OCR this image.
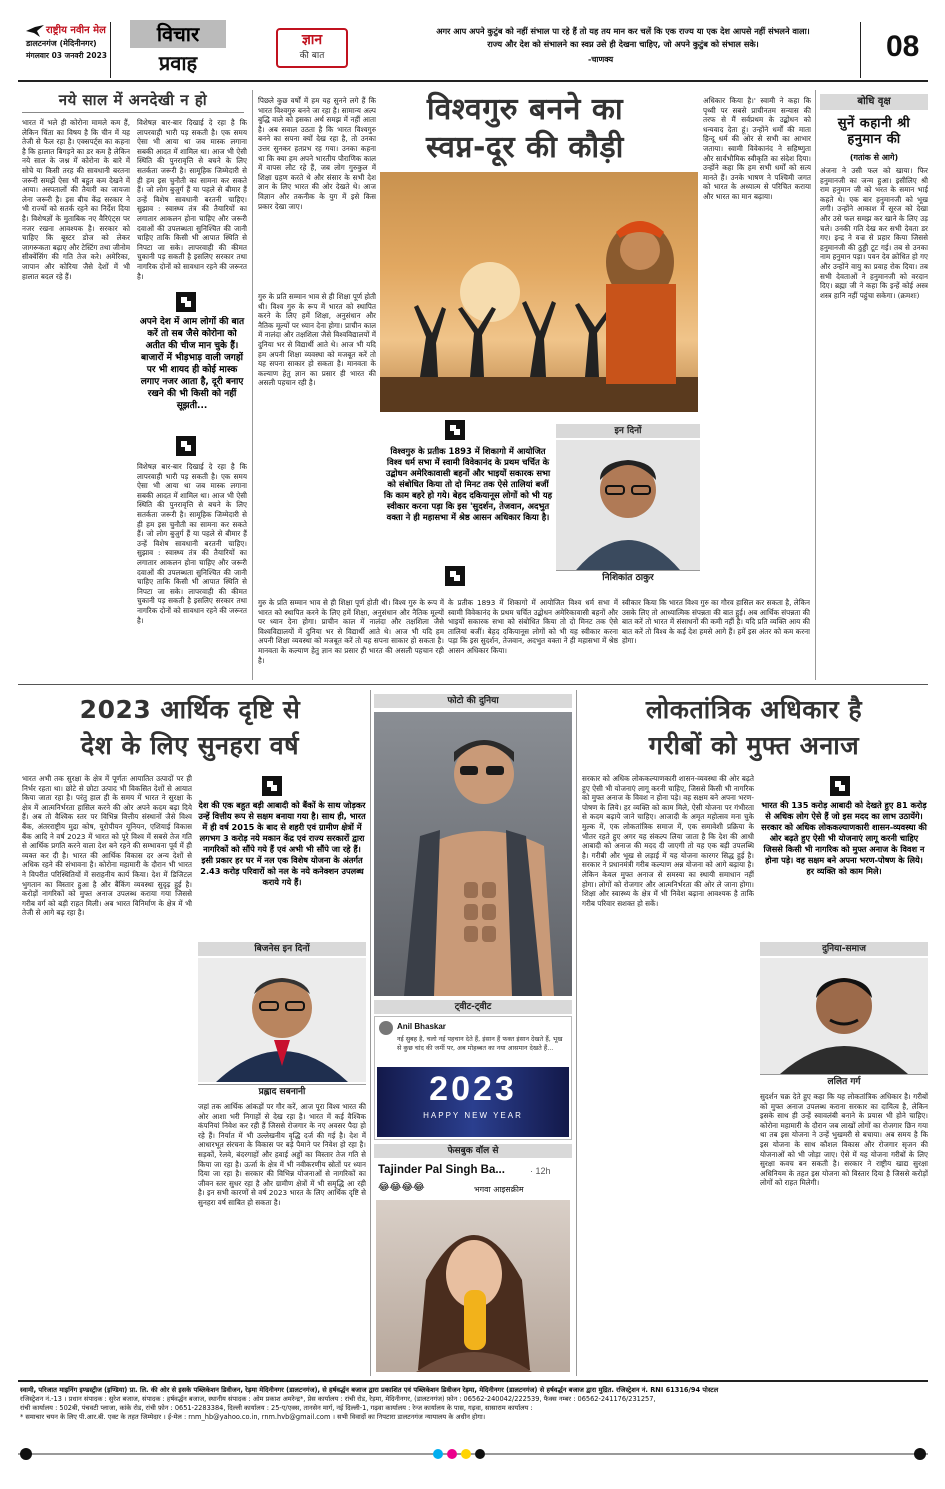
राष्ट्रीय नवीन मेल
डालटनगंज (मेदिनीनगर)
मंगलवार 03 जनवरी 2023
विचार
प्रवाह
ज्ञान
की बात
अगर आप अपने कुटुंब को नहीं संभाल पा रहे हैं तो यह तय मान कर चलें कि एक राज्य या एक देश आपसे नहीं संभलने वाला।
राज्य और देश को संभालने का स्वप्न उसे ही देखना चाहिए, जो अपने कुटुंब को संभाल सके।
-चाणक्य	08
नये साल में अनदेखी न हो
भारत में भले ही कोरोना मामले कम हैं, लेकिन चिंता का विषय है कि चीन में यह तेजी से फैल रहा है। एक्सपर्ट्स का कहना है कि हालात बिगड़ने का डर कम है लेकिन नये साल के जश्न में कोरोना के बारे में सोचे या किसी तरह की सावधानी बरतना जरूरी समझें ऐसा भी बहुत कम देखने में आया। अस्पतालों की तैयारी का जायजा लेना जरूरी है। इस बीच केंद्र सरकार ने भी राज्यों को सतर्क रहने का निर्देश दिया है। विशेषज्ञों के मुताबिक नए वैरिएंट्स पर नजर रखना आवश्यक है। सरकार को चाहिए कि बूस्टर डोज को लेकर जागरूकता बढ़ाए और टेस्टिंग तथा जीनोम सीक्वेंसिंग की गति तेज करे। अमेरिका, जापान और कोरिया जैसे देशों में भी हालात बदल रहे हैं।
विशेषज्ञ बार-बार दिखाई दे रहा है कि लापरवाही भारी पड़ सकती है। एक समय ऐसा भी आया था जब मास्क लगाना सबकी आदत में शामिल था। आज भी ऐसी स्थिति की पुनरावृत्ति से बचने के लिए सतर्कता जरूरी है। सामूहिक जिम्मेदारी से ही हम इस चुनौती का सामना कर सकते हैं। जो लोग बुजुर्ग हैं या पहले से बीमार हैं उन्हें विशेष सावधानी बरतनी चाहिए। सुझाव : स्वास्थ्य तंत्र की तैयारियों का लगातार आकलन होना चाहिए और जरूरी दवाओं की उपलब्धता सुनिश्चित की जानी चाहिए ताकि किसी भी आपात स्थिति से निपटा जा सके। लापरवाही की कीमत चुकानी पड़ सकती है इसलिए सरकार तथा नागरिक दोनों को सावधान रहने की जरूरत है।
अपने देश में आम लोगों की बात करें तो सब जैसे कोरोना को अतीत की चीज मान चुके हैं। बाजारों में भीड़भाड़ वाली जगहों पर भी शायद ही कोई मास्क लगाए नजर आता है, दूरी बनाए रखने की भी किसी को नहीं सूझती...
विशेषज्ञ बार-बार दिखाई दे रहा है कि लापरवाही भारी पड़ सकती है। एक समय ऐसा भी आया था जब मास्क लगाना सबकी आदत में शामिल था। आज भी ऐसी स्थिति की पुनरावृत्ति से बचने के लिए सतर्कता जरूरी है। सामूहिक जिम्मेदारी से ही हम इस चुनौती का सामना कर सकते हैं। जो लोग बुजुर्ग हैं या पहले से बीमार हैं उन्हें विशेष सावधानी बरतनी चाहिए। सुझाव : स्वास्थ्य तंत्र की तैयारियों का लगातार आकलन होना चाहिए और जरूरी दवाओं की उपलब्धता सुनिश्चित की जानी चाहिए ताकि किसी भी आपात स्थिति से निपटा जा सके। लापरवाही की कीमत चुकानी पड़ सकती है इसलिए सरकार तथा नागरिक दोनों को सावधान रहने की जरूरत है।
पिछले कुछ वर्षों में हम यह सुनने लगे हैं कि भारत विश्वगुरु बनने जा रहा है। सामान्य अल्प बुद्धि वाले को इसका अर्थ समझ में नहीं आता है। अब सवाल उठता है कि भारत विश्वगुरु बनने का सपना क्यों देख रहा है, तो उनका उत्तर सुनकर हतप्रभ रह गया। उनका कहना था कि क्या हम अपने भारतीय पौराणिक काल में वापस लौट रहे हैं, जब लोग गुरुकुल में शिक्षा ग्रहण करते थे और संसार के सभी देश ज्ञान के लिए भारत की ओर देखते थे। आज विज्ञान और तकनीक के युग में इसे किस प्रकार देखा जाए।
विश्वगुरु बनने का
स्वप्न-दूर की कौड़ी
अधिकार किया है।' स्वामी ने कहा कि पृथ्वी पर सबसे प्राचीनतम सन्यास की तरफ से मैं सर्वप्रथम के उद्बोधन को धन्यवाद देता हूं। उन्होंने धर्मों की माता हिन्दू धर्म की ओर से सभी का आभार जताया। स्वामी विवेकानंद ने सहिष्णुता और सार्वभौमिक स्वीकृति का संदेश दिया। उन्होंने कहा कि हम सभी धर्मों को सत्य मानते हैं। उनके भाषण ने पश्चिमी जगत को भारत के अध्यात्म से परिचित कराया और भारत का मान बढ़ाया।
गुरु के प्रति सम्मान भाव से ही शिक्षा पूर्ण होती थी। विश्व गुरु के रूप में भारत को स्थापित करने के लिए हमें शिक्षा, अनुसंधान और नैतिक मूल्यों पर ध्यान देना होगा। प्राचीन काल में नालंदा और तक्षशिला जैसे विश्वविद्यालयों में दुनिया भर से विद्यार्थी आते थे। आज भी यदि हम अपनी शिक्षा व्यवस्था को मजबूत करें तो यह सपना साकार हो सकता है। मानवता के कल्याण हेतु ज्ञान का प्रसार ही भारत की असली पहचान रही है।
विश्वगुरु के प्रतीक 1893 में शिकागो में आयोजित विश्व धर्म सभा में स्वामी विवेकानंद के प्रथम चर्चित के उद्बोधन अमेरिकावासी बहनों और भाइयों सकारक सभा को संबोधित किया तो दो मिनट तक ऐसे तालियां बजीं कि काम बहरे हो गये। बेहद दकियानूस लोगों को भी यह स्वीकार करना पड़ा कि इस 'सुदर्शन, तेजवान, अदभुत वक्ता ने ही महासभा में श्रेष्ठ आसन अधिकार किया है।
इन दिनों
निशिकांत ठाकुर
के प्रतीक 1893 में शिकागो में आयोजित विश्व धर्म सभा में स्वामी विवेकानंद के प्रथम चर्चित उद्बोधन अमेरिकावासी बहनों और भाइयों सकारक सभा को संबोधित किया तो दो मिनट तक ऐसे तालियां बजीं। बेहद दकियानूस लोगों को भी यह स्वीकार करना पड़ा कि इस सुदर्शन, तेजवान, अदभुत वक्ता ने ही महासभा में श्रेष्ठ आसन अधिकार किया।
स्वीकार किया कि भारत विश्व गुरु का गौरव हासिल कर सकता है, लेकिन उसके लिए तो आध्यात्मिक संपन्नता की बात हुई। अब आर्थिक संपन्नता की बात करें तो भारत में संसाधनों की कमी नहीं है। यदि प्रति व्यक्ति आय की बात करें तो विश्व के कई देश हमसे आगे हैं। हमें इस अंतर को कम करना होगा।
गुरु के प्रति सम्मान भाव से ही शिक्षा पूर्ण होती थी। विश्व गुरु के रूप में भारत को स्थापित करने के लिए हमें शिक्षा, अनुसंधान और नैतिक मूल्यों पर ध्यान देना होगा। प्राचीन काल में नालंदा और तक्षशिला जैसे विश्वविद्यालयों में दुनिया भर से विद्यार्थी आते थे। आज भी यदि हम अपनी शिक्षा व्यवस्था को मजबूत करें तो यह सपना साकार हो सकता है। मानवता के कल्याण हेतु ज्ञान का प्रसार ही भारत की असली पहचान रही है।
बोधि वृक्ष
सुनें कहानी श्री हनुमान की
(गतांक से आगे)
अंजना ने उसी फल को खाया। फिर हनुमानजी का जन्म हुआ। इसीलिए श्री राम हनुमान जी को भरत के समान भाई कहते थे। एक बार हनुमानजी को भूख लगी। उन्होंने आकाश में सूरज को देखा और उसे फल समझ कर खाने के लिए उड़ चले। उनकी गति देख कर सभी देवता डर गए। इन्द्र ने वज्र से प्रहार किया जिससे हनुमानजी की ठुड्डी टूट गई। तब से उनका नाम हनुमान पड़ा। पवन देव क्रोधित हो गए और उन्होंने वायु का प्रवाह रोक दिया। तब सभी देवताओं ने हनुमानजी को वरदान दिए। ब्रह्मा जी ने कहा कि इन्हें कोई अस्त्र शस्त्र हानि नहीं पहुंचा सकेगा। (क्रमशः)
2023 आर्थिक दृष्टि से
देश के लिए सुनहरा वर्ष
भारत अभी तक सुरक्षा के क्षेत्र में पूर्णतः आयातित उत्पादों पर ही निर्भर रहता था। छोटे से छोटा उत्पाद भी विकसित देशों से आयात किया जाता रहा है। परंतु हाल ही के समय में भारत ने सुरक्षा के क्षेत्र में आत्मनिर्भरता हासिल करने की ओर अपने कदम बढ़ा दिये हैं। अब तो वैश्विक स्तर पर विभिन्न वित्तीय संस्थानों जैसे विश्व बैंक, अंतरराष्ट्रीय मुद्रा कोष, यूरोपीयन यूनियन, एशियाई विकास बैंक आदि ने वर्ष 2023 में भारत को पूरे विश्व में सबसे तेज गति से आर्थिक प्रगति करने वाला देश बने रहने की सम्भावना पूर्व में ही व्यक्त कर दी है। भारत की आर्थिक विकास दर अन्य देशों से अधिक रहने की संभावना है। कोरोना महामारी के दौरान भी भारत ने विपरीत परिस्थितियों में सराहनीय कार्य किया। देश में डिजिटल भुगतान का विस्तार हुआ है और बैंकिंग व्यवस्था सुदृढ़ हुई है। करोड़ों नागरिकों को मुफ्त अनाज उपलब्ध कराया गया जिससे गरीब वर्ग को बड़ी राहत मिली। अब भारत विनिर्माण के क्षेत्र में भी तेजी से आगे बढ़ रहा है।
देश की एक बहुत बड़ी आबादी को बैंकों के साथ जोड़कर उन्हें वित्तीय रूप से सक्षम बनाया गया है। साथ ही, भारत में ही वर्ष 2015 के बाद से शहरी एवं ग्रामीण क्षेत्रों में लगभग 3 करोड़ नये मकान केंद्र एवं राज्य सरकारों द्वारा नागरिकों को सौंपे गये हैं एवं अभी भी सौंपे जा रहे हैं। इसी प्रकार हर घर में नल एक विशेष योजना के अंतर्गत 2.43 करोड़ परिवारों को नल के नये कनेक्शन उपलब्ध कराये गये हैं।
बिजनेस इन दिनों
प्रह्लाद सबनानी
जहां तक आर्थिक आंकड़ों पर गौर करें, आज पूरा विश्व भारत की ओर आशा भरी निगाहों से देख रहा है। भारत में कई वैश्विक कंपनियां निवेश कर रही हैं जिससे रोजगार के नए अवसर पैदा हो रहे हैं। निर्यात में भी उल्लेखनीय वृद्धि दर्ज की गई है। देश में आधारभूत संरचना के विकास पर बड़े पैमाने पर निवेश हो रहा है। सड़कों, रेलवे, बंदरगाहों और हवाई अड्डों का विस्तार तेज गति से किया जा रहा है। ऊर्जा के क्षेत्र में भी नवीकरणीय स्रोतों पर ध्यान दिया जा रहा है। सरकार की विभिन्न योजनाओं से नागरिकों का जीवन स्तर सुधर रहा है और ग्रामीण क्षेत्रों में भी समृद्धि आ रही है। इन सभी कारणों से वर्ष 2023 भारत के लिए आर्थिक दृष्टि से सुनहरा वर्ष साबित हो सकता है।
फोटो की दुनिया
ट्वीट-ट्वीट
Anil Bhaskar
नई सुबह है, चलो नई पहचान देते हैं, इंसान हैं फक्त इंसान देखते हैं, भूख से कुछ चांद की जमीं पर, अब मोहब्बत का नया आसमान देखते हैं...
2023
HAPPY NEW YEAR
फेसबुक वॉल से
Tajinder Pal Singh Ba...	· 12h
😂😂😂😂	भगवा आइसक्रीम
लोकतांत्रिक अधिकार है
गरीबों को मुफ्त अनाज
सरकार को अधिक लोककल्याणकारी शासन-व्यवस्था की ओर बढ़ते हुए ऐसी भी योजनाएं लागू करनी चाहिए, जिससे किसी भी नागरिक को मुफ्त अनाज के विवश न होना पड़े। वह सक्षम बने अपना भरण-पोषण के लिये। हर व्यक्ति को काम मिले, ऐसी योजना पर गंभीरता से कदम बढ़ाये जाने चाहिए। आजादी के अमृत महोत्सव मना चुके मुल्क में, एक लोकतांत्रिक समाज में, एक समावेशी प्रक्रिया के भीतर रहते हुए अगर यह संकल्प लिया जाता है कि देश की आधी आबादी को अनाज की मदद दी जाएगी तो यह एक बड़ी उपलब्धि है। गरीबी और भूख से लड़ाई में यह योजना कारगर सिद्ध हुई है। सरकार ने प्रधानमंत्री गरीब कल्याण अन्न योजना को आगे बढ़ाया है। लेकिन केवल मुफ्त अनाज से समस्या का स्थायी समाधान नहीं होगा। लोगों को रोजगार और आत्मनिर्भरता की ओर ले जाना होगा। शिक्षा और स्वास्थ्य के क्षेत्र में भी निवेश बढ़ाना आवश्यक है ताकि गरीब परिवार सशक्त हो सकें।
भारत की 135 करोड़ आबादी को देखते हुए 81 करोड़ से अधिक लोग ऐसे हैं जो इस मदद का लाभ उठायेंगे। सरकार को अधिक लोककल्याणकारी शासन-व्यवस्था की ओर बढ़ते हुए ऐसी भी योजनाएं लागू करनी चाहिए जिससे किसी भी नागरिक को मुफ्त अनाज के विवश न होना पड़े। वह सक्षम बने अपना भरण-पोषण के लिये। हर व्यक्ति को काम मिले।
दुनिया-समाज
ललित गर्ग
सुदर्शन चक्र देते हुए कहा कि यह लोकतांत्रिक अधिकार है। गरीबों को मुफ्त अनाज उपलब्ध कराना सरकार का दायित्व है, लेकिन इसके साथ ही उन्हें स्वावलंबी बनाने के प्रयास भी होने चाहिए। कोरोना महामारी के दौरान जब लाखों लोगों का रोजगार छिन गया था तब इस योजना ने उन्हें भुखमरी से बचाया। अब समय है कि इस योजना के साथ कौशल विकास और रोजगार सृजन की योजनाओं को भी जोड़ा जाए। ऐसे में यह योजना गरीबों के लिए सुरक्षा कवच बन सकती है। सरकार ने राष्ट्रीय खाद्य सुरक्षा अधिनियम के तहत इस योजना को विस्तार दिया है जिससे करोड़ों लोगों को राहत मिलेगी।
स्वामी, परिजात माइनिंग इण्डस्ट्रीज (इण्डिया) प्रा. लि. की ओर से इसके पब्लिकेशन डिवीजन, रेड़मा मेदिनीनगर (डालटनगंज), से हर्षवर्द्धन बजाज द्वारा प्रकाशित एवं पब्लिकेशन डिवीजन रेड़मा, मेदिनीनगर (डालटनगंज) से हर्षवर्द्धन बजाज द्वारा मुद्रित. रजिस्ट्रेशन नं. RNI 61316/94 पोस्टल
रजिस्ट्रेशन नं.-13 । प्रधान संपादक : सुरेश बजाज, संपादक : हर्षवर्द्धन बजाज, स्थानीय संपादक : ओम प्रकाश अमरेन्द्र*, प्रेस कार्यालय : रांची रोड, रेड़मा, मेदिनीनगर, (डालटनगंज) फ़ोन : 06562-240042/222539, फैक्स नम्बर : 06562-241176/231257,
रांची कार्यालय : 502बी, पंचवटी प्लाजा, कांके रोड, रांची फ़ोन : 0651-2283384, दिल्ली कार्यालय : 25-ए/एक्स, तानसेन मार्ग, नई दिल्ली-1, गढ़वा कार्यालय : रेन्ज कार्यालय के पास, गढ़वा, सासाराम कार्यालय :
* समाचार चयन के लिए पी.आर.बी. एक्ट के तहत जिम्मेदार । ई-मेल : rnm_hb@yahoo.co.in, rnm.hvb@gmail.com । सभी विवादों का निपटारा डालटनगंज न्यायालय के अधीन होगा।
